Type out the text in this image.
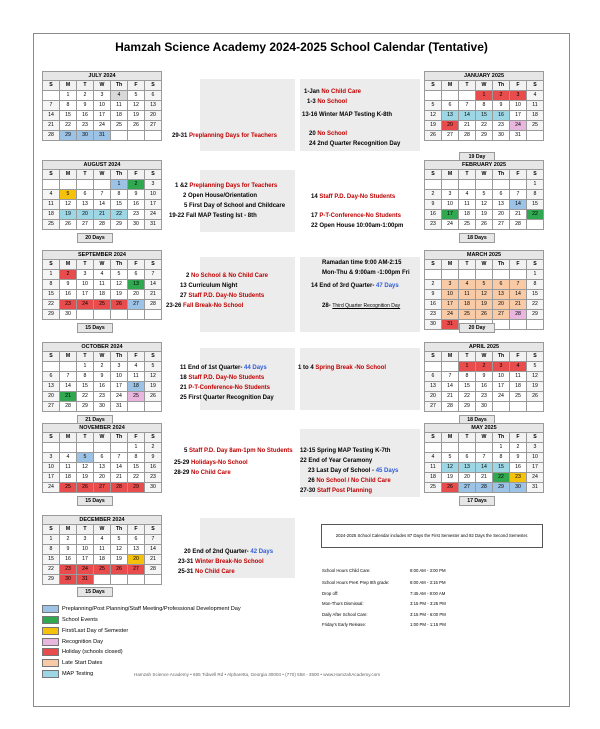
Hamzah Science Academy 2024-2025 School Calendar (Tentative)
JULY 2024
S	M	T	W	Th	F	S
	1	2	3	4	5	6
7	8	9	10	11	12	13
14	15	16	17	18	19	20
21	22	23	24	25	26	27
28	29	30	31			
JANUARY 2025
S	M	T	W	Th	F	S
			1	2	3	4
5	6	7	8	9	10	11
12	13	14	15	16	17	18
19	20	21	22	23	24	25
26	27	28	29	30	31	
19 Day
AUGUST 2024
S	M	T	W	Th	F	S
				1	2	3
4	5	6	7	8	9	10
11	12	13	14	15	16	17
18	19	20	21	22	23	24
25	26	27	28	29	30	31
20 Days
FEBRUARY 2025
S	M	T	W	Th	F	S
						1
2	3	4	5	6	7	8
9	10	11	12	13	14	15
16	17	18	19	20	21	22
23	24	25	26	27	28	
18 Days
SEPTEMBER 2024
S	M	T	W	Th	F	S
1	2	3	4	5	6	7
8	9	10	11	12	13	14
15	16	17	18	19	20	21
22	23	24	25	26	27	28
29	30					
15 Days
MARCH 2025
S	M	T	W	Th	F	S
						1
2	3	4	5	6	7	8
9	10	11	12	13	14	15
16	17	18	19	20	21	22
23	24	25	26	27	28	29
30	31					
20 Day
OCTOBER 2024
S	M	T	W	Th	F	S
		1	2	3	4	5
6	7	8	9	10	11	12
13	14	15	16	17	18	19
20	21	22	23	24	25	26
27	28	29	30	31		
21 Days
APRIL 2025
S	M	T	W	Th	F	S
		1	2	3	4	5
6	7	8	9	10	11	12
13	14	15	16	17	18	19
20	21	22	23	24	25	26
27	28	29	30			
18 Days
NOVEMBER 2024
S	M	T	W	Th	F	S
					1	2
3	4	5	6	7	8	9
10	11	12	13	14	15	16
17	18	19	20	21	22	23
24	25	26	27	28	29	30
15 Days
MAY 2025
S	M	T	W	Th	F	S
				1	2	3
4	5	6	7	8	9	10
11	12	13	14	15	16	17
18	19	20	21	22	23	24
25	26	27	28	29	30	31
17 Days
DECEMBER 2024
S	M	T	W	Th	F	S
1	2	3	4	5	6	7
8	9	10	11	12	13	14
15	16	17	18	19	20	21
22	23	24	25	26	27	28
29	30	31				
15 Days
29-31 Preplanning Days for Teachers
1-Jan No Child Care
1-3 No School
13-16 Winter MAP Testing K-8th
20 No School
24 2nd Quarter Recognition Day
1 &2 Preplanning Days for Teachers
2 Open House/Orientation
5 First Day of School and Childcare
19-22 Fall MAP Testing Ist - 8th
14 Staff P.D. Day-No Students
17 P-T-Conference-No Students
22 Open House 10:00am-1:00pm
2 No School & No Child Care
13 Curriculum Night
27 Staff P.D. Day-No Students
23-26 Fall Break-No School
Ramadan time 9:00 AM-2:15
Mon-Thu & 9:00am -1:00pm Fri
14 End of 3rd Quarter- 47 Days
28- Third Quarter Recognition Day
11 End of 1st Quarter- 44 Days
18 Staff P.D. Day-No Students
21 P-T-Conference-No Students
25 First Quarter Recognition Day
1 to 4 Spring Break -No School
5 Staff P.D. Day 8am-1pm No Students
25-29 Holidays-No School
28-29 No Child Care
12-15 Spring MAP Testing K-7th
22 End of Year Ceramony
23 Last Day of School - 45 Days
26 No School / No Child Care
27-30 Staff Post Planning
20 End of 2nd Quarter- 42 Days
23-31 Winter Break-No School
25-31 No Child Care
2024-2025 School Calendar includes 87 Days the First Semester and 92 Days the Second Semester.
School Hours Child Care:	8:00 AM - 3:00 PM
School Hours PreK Prep 8th grade:	8:00 AM - 3:15 PM
Drop off:	7:45 AM - 8:00 AM
Mon-Thurs Dismissal:	3:15 PM - 3:25 PM
Daily After School Care:	3:15 PM - 6:00 PM
Friday's Early Release:	1:00 PM - 1:15 PM
Preplanning/Post Planning/Staff Meeting/Professional Development Day
School Events
First/Last Day of Semester
Recognition Day
Holiday (schools closed)
Late Start Dates
MAP Testing	Hamzah Science Academy • 665 Tidwell Rd • Alpharetta, Georgia 30004 • (770) 558 - 3500 • www.HamzahAcademy.com
